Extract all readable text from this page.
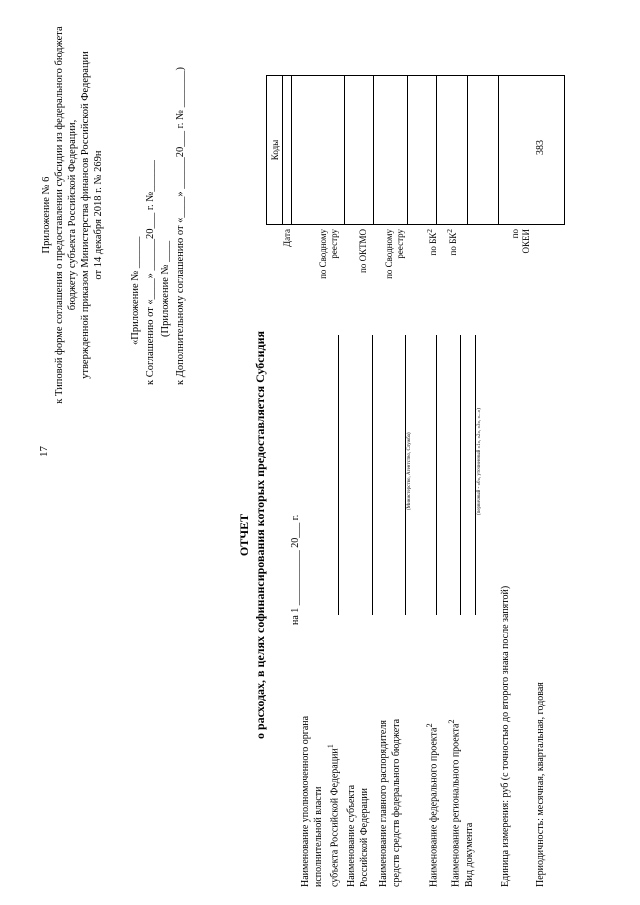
17
Приложение № 6 к Типовой форме соглашения о предоставлении субсидии из федерального бюджета бюджету субъекта Российской Федерации, утвержденной приказом Министерства финансов Российской Федерации от 14 декабря 2018 г. № 269н
«Приложение № ______ к Соглашению от «____» ______20___ г. №______ (Приложение № ____ к Дополнительному соглашению от «____» ______20___ г. № _______)
ОТЧЕТ о расходах, в целях софинансирования которых предоставляется Субсидия на 1 ___________ 20___ г.
Коды
Дата
Наименование уполномоченного органа исполнительной власти субъекта Российской Федерации$^1$
по Сводному реестру
Наименование субъекта Российской Федерации
по ОКТМО
Наименование главного распорядителя средств средств федерального бюджета
(Министерство, Агентство, Служба)
по Сводному реестру
Наименование федерального проекта$^2$
по $БК^2$
Наименование регионального проекта$^2$
по $БК^2$
Вид документа
(первичный - «0», уточненный «1», «2», «3», «...»)
Единица измерения: руб (с точностью до второго знака после запятой)
по ОКЕИ
383
Периодичность: месячная, квартальная, годовая
